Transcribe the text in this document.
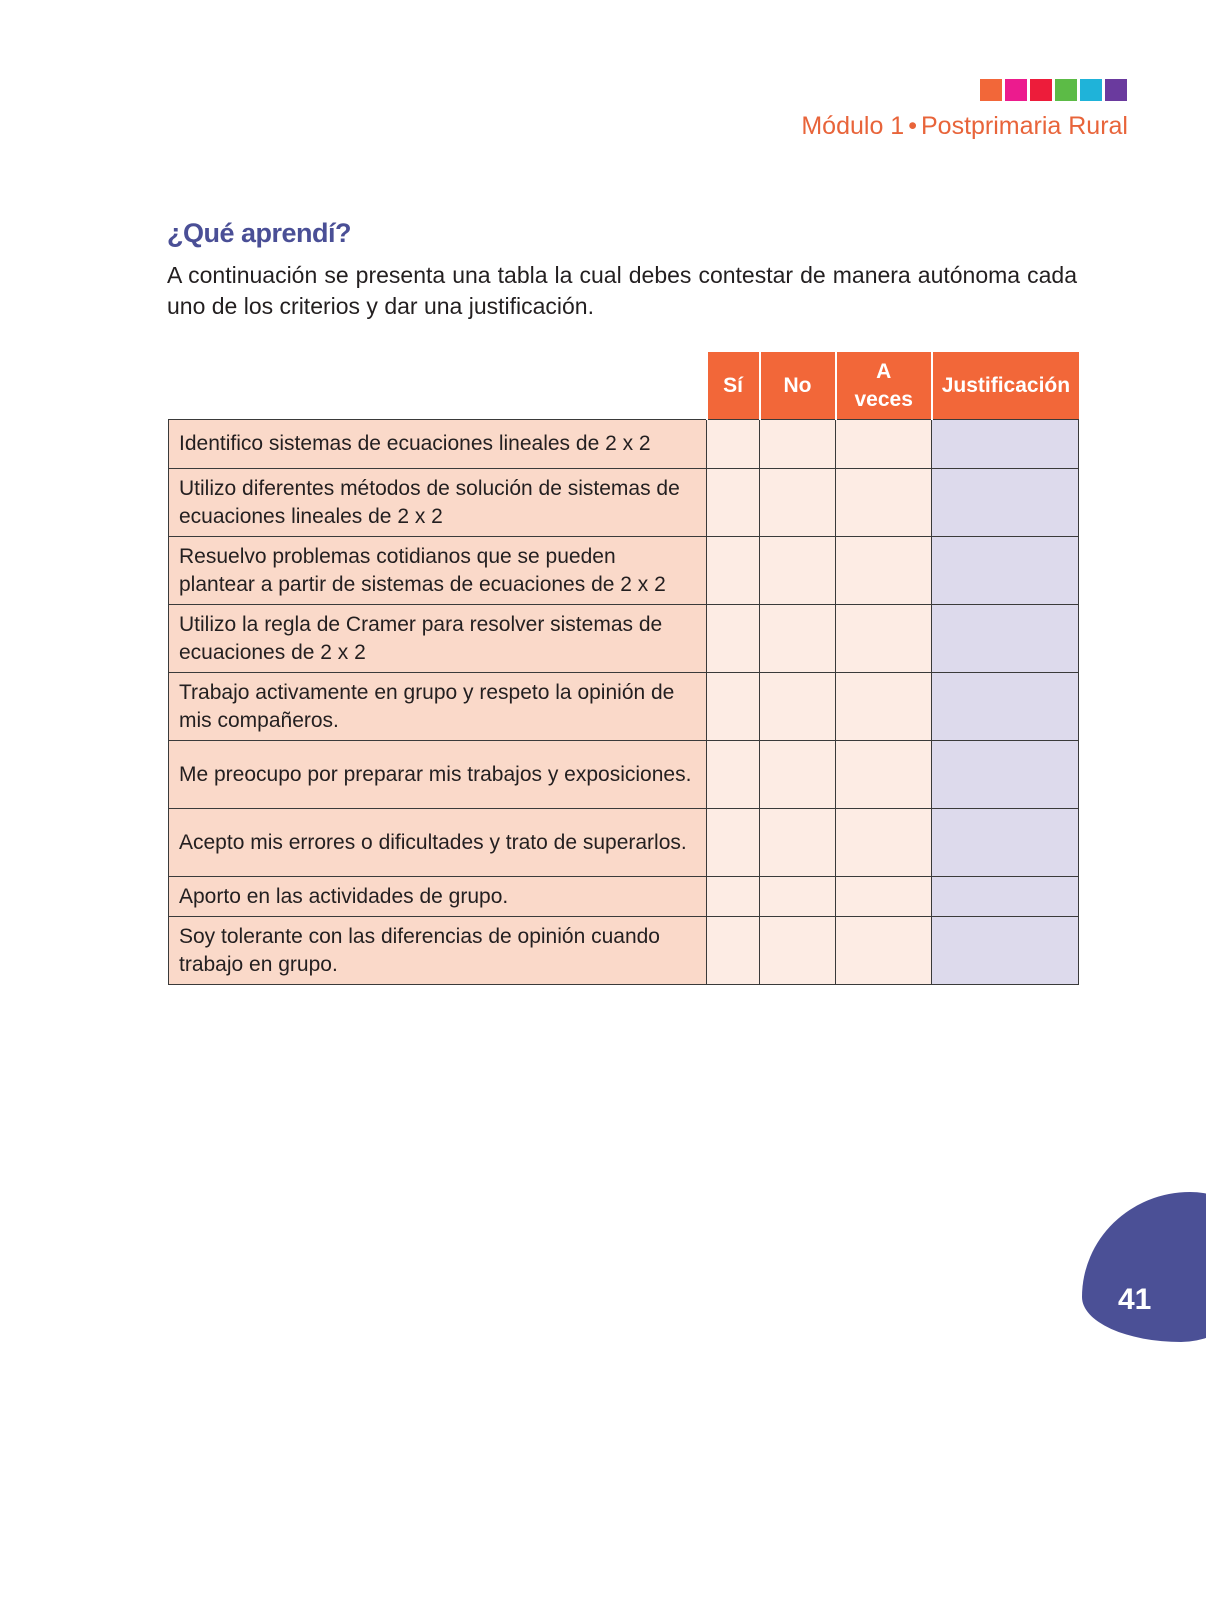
Módulo 1 • Postprimaria Rural
¿Qué aprendí?
A continuación se presenta una tabla la cual debes contestar de manera autónoma cada uno de los criterios y dar una justificación.
	Sí	No	A veces	Justificación
Identifico sistemas de ecuaciones lineales de 2 x 2				
Utilizo diferentes métodos de solución de sistemas de ecuaciones lineales de 2 x 2				
Resuelvo problemas cotidianos que se pueden plantear a partir de sistemas de ecuaciones de 2 x 2				
Utilizo la regla de Cramer para resolver sistemas de ecuaciones de 2 x 2				
Trabajo activamente en grupo y respeto la opinión de mis compañeros.				
Me preocupo por preparar mis trabajos y exposiciones.				
Acepto mis errores o dificultades y trato de superarlos.				
Aporto en las actividades de grupo.				
Soy tolerante con las diferencias de opinión cuando trabajo en grupo.				
41
